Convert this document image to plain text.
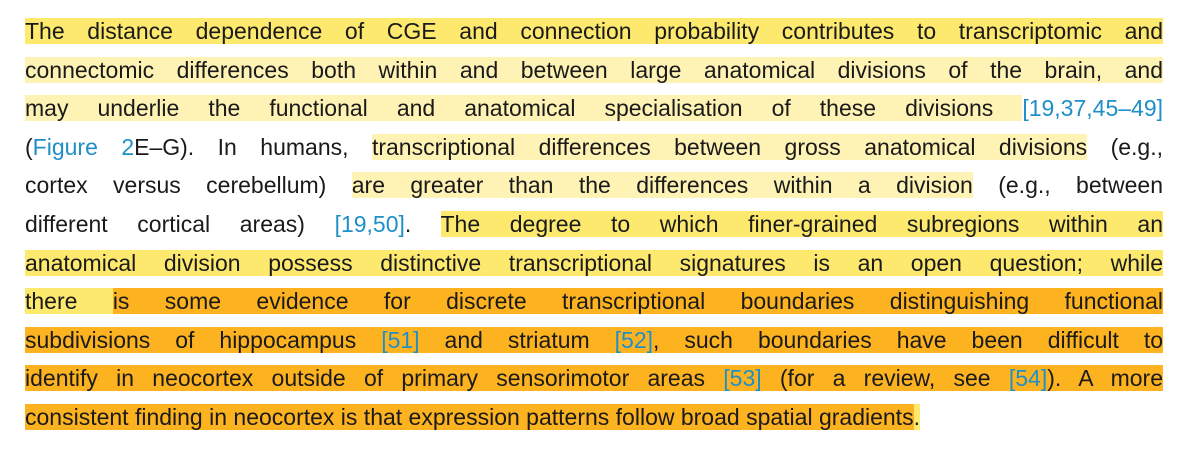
The distance dependence of CGE and connection probability contributes to transcriptomic and
connectomic differences both within and between large anatomical divisions of the brain, and
may underlie the functional and anatomical specialisation of these divisions [19,37,45–49]
(Figure 2E–G). In humans, transcriptional differences between gross anatomical divisions (e.g.,
cortex versus cerebellum) are greater than the differences within a division (e.g., between
different cortical areas) [19,50]. The degree to which finer-grained subregions within an
anatomical division possess distinctive transcriptional signatures is an open question; while
there is some evidence for discrete transcriptional boundaries distinguishing functional
subdivisions of hippocampus [51] and striatum [52], such boundaries have been difficult to
identify in neocortex outside of primary sensorimotor areas [53] (for a review, see [54]). A more
consistent finding in neocortex is that expression patterns follow broad spatial gradients.
